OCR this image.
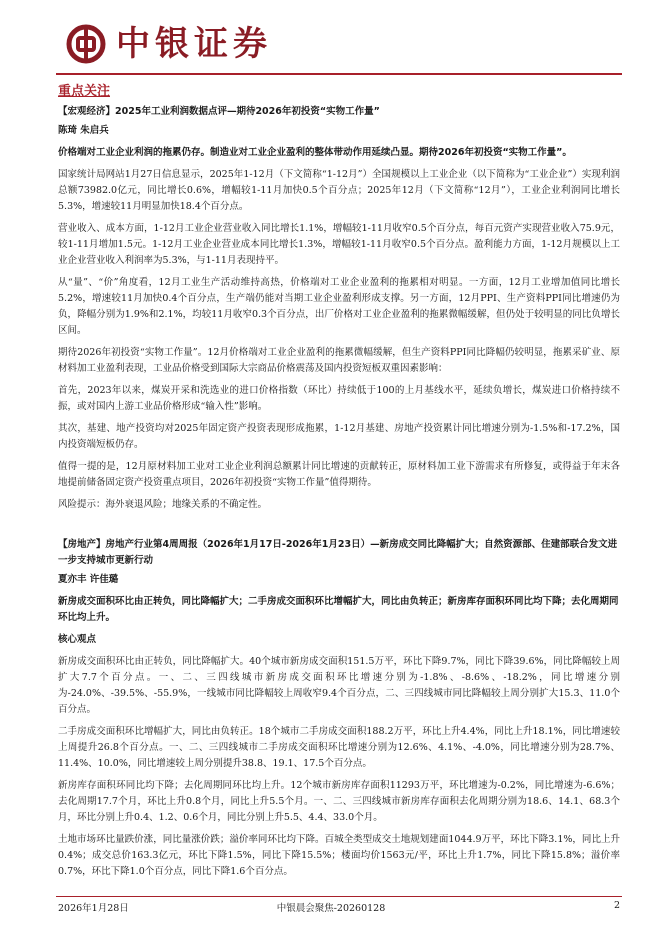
中银证券
重点关注

【宏观经济】2025年工业利润数据点评—期待2026年初投资“实物工作量”

陈琦 朱启兵

价格端对工业企业利润的拖累仍存。制造业对工业企业盈利的整体带动作用延续凸显。期待2026年初投资“实物工作量”。

国家统计局网站1月27日信息显示，2025年1-12月（下文简称“1-12月”）全国规模以上工业企业（以下简称为“工业企业”）实现利润总额73982.0亿元，同比增长0.6%，增幅较1-11月加快0.5个百分点；2025年12月（下文简称“12月”），工业企业利润同比增长5.3%，增速较11月明显加快18.4个百分点。

营业收入、成本方面，1-12月工业企业营业收入同比增长1.1%，增幅较1-11月收窄0.5个百分点，每百元资产实现营业收入75.9元，较1-11月增加1.5元。1-12月工业企业营业成本同比增长1.3%，增幅较1-11月收窄0.5个百分点。盈利能力方面，1-12月规模以上工业企业营业收入利润率为5.3%，与1-11月表现持平。

从“量”、“价”角度看，12月工业生产活动维持高热，价格端对工业企业盈利的拖累相对明显。一方面，12月工业增加值同比增长5.2%，增速较11月加快0.4个百分点，生产端仍能对当期工业企业盈利形成支撑。另一方面，12月PPI、生产资料PPI同比增速仍为负，降幅分别为1.9%和2.1%，均较11月收窄0.3个百分点，出厂价格对工业企业盈利的拖累微幅缓解，但仍处于较明显的同比负增长区间。

期待2026年初投资“实物工作量”。12月价格端对工业企业盈利的拖累微幅缓解，但生产资料PPI同比降幅仍较明显，拖累采矿业、原材料加工业盈利表现，工业品价格受到国际大宗商品价格震荡及国内投资短板双重因素影响：

首先，2023年以来，煤炭开采和洗选业的进口价格指数（环比）持续低于100的上月基线水平，延续负增长，煤炭进口价格持续不振，或对国内上游工业品价格形成“输入性”影响。

其次，基建、地产投资均对2025年固定资产投资表现形成拖累，1-12月基建、房地产投资累计同比增速分别为-1.5%和-17.2%，国内投资端短板仍存。

值得一提的是，12月原材料加工业对工业企业利润总额累计同比增速的贡献转正，原材料加工业下游需求有所修复，或得益于年末各地提前储备固定资产投资重点项目，2026年初投资“实物工作量”值得期待。

风险提示：海外衰退风险；地缘关系的不确定性。

【房地产】房地产行业第4周周报（2026年1月17日-2026年1月23日）—新房成交同比降幅扩大；自然资源部、住建部联合发文进一步支持城市更新行动

夏亦丰 许佳璐

新房成交面积环比由正转负，同比降幅扩大；二手房成交面积环比增幅扩大，同比由负转正；新房库存面积环同比均下降；去化周期同环比均上升。

核心观点

新房成交面积环比由正转负，同比降幅扩大。40个城市新房成交面积151.5万平，环比下降9.7%，同比下降39.6%，同比降幅较上周扩大7.7个百分点。一、二、三四线城市新房成交面积环比增速分别为-1.8%、-8.6%、-18.2%，同比增速分别为-24.0%、-39.5%、-55.9%，一线城市同比降幅较上周收窄9.4个百分点，二、三四线城市同比降幅较上周分别扩大15.3、11.0个百分点。

二手房成交面积环比增幅扩大，同比由负转正。18个城市二手房成交面积188.2万平，环比上升4.4%，同比上升18.1%，同比增速较上周提升26.8个百分点。一、二、三四线城市二手房成交面积环比增速分别为12.6%、4.1%、-4.0%，同比增速分别为28.7%、11.4%、10.0%，同比增速较上周分别提升38.8、19.1、17.5个百分点。

新房库存面积环同比均下降；去化周期同环比均上升。12个城市新房库存面积11293万平，环比增速为-0.2%，同比增速为-6.6%；去化周期17.7个月，环比上升0.8个月，同比上升5.5个月。一、二、三四线城市新房库存面积去化周期分别为18.6、14.1、68.3个月，环比分别上升0.4、1.2、0.6个月，同比分别上升5.5、4.4、33.0个月。

土地市场环比量跌价涨，同比量涨价跌；溢价率同环比均下降。百城全类型成交土地规划建面1044.9万平，环比下降3.1%，同比上升0.4%；成交总价163.3亿元，环比下降1.5%，同比下降15.5%；楼面均价1563元/平，环比上升1.7%，同比下降15.8%；溢价率0.7%，环比下降1.0个百分点，同比下降1.6个百分点。

2026年1月28日	中银晨会聚焦-20260128	2
